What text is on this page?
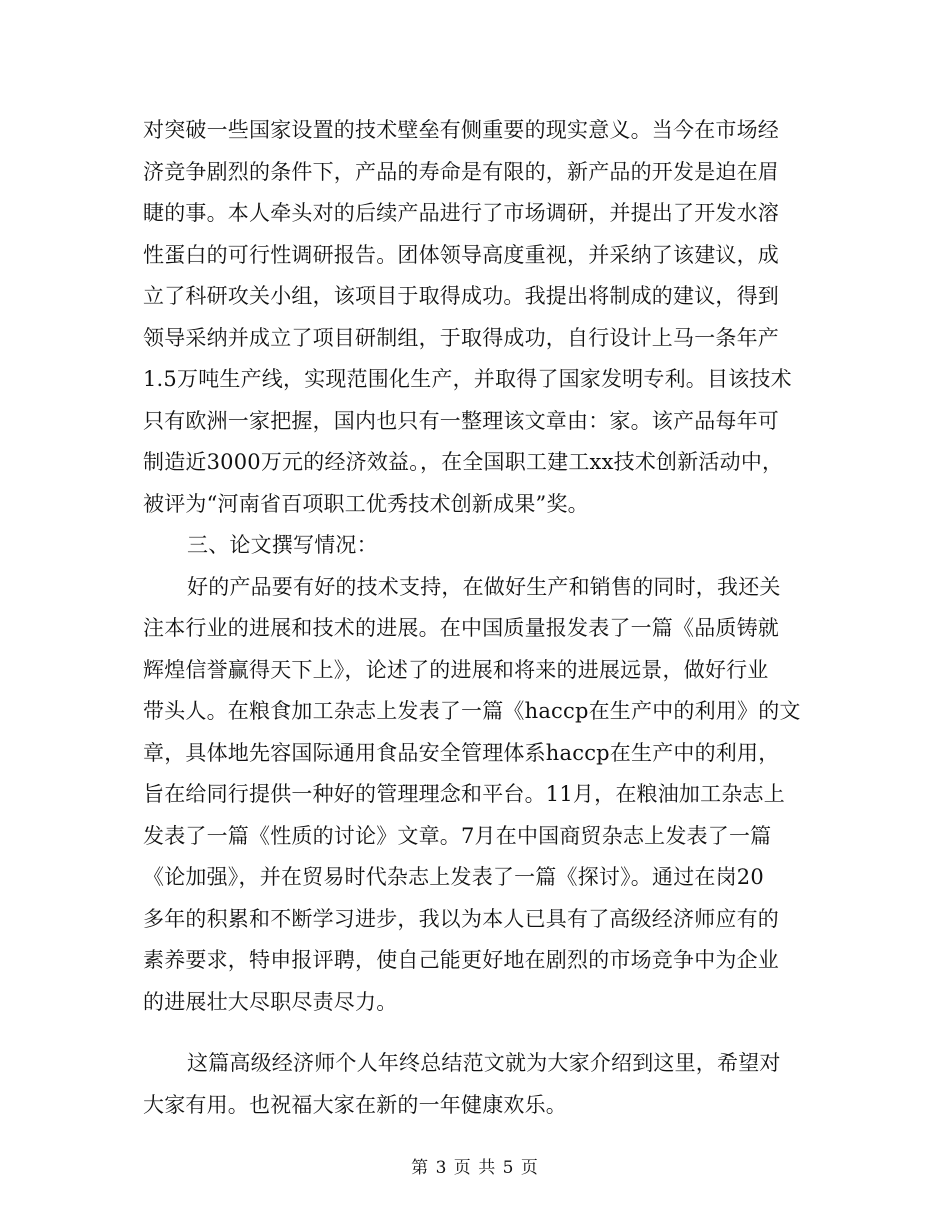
对突破一些国家设置的技术壁垒有侧重要的现实意义。当今在市场经
济竞争剧烈的条件下，产品的寿命是有限的，新产品的开发是迫在眉
睫的事。本人牵头对的后续产品进行了市场调研，并提出了开发水溶
性蛋白的可行性调研报告。团体领导高度重视，并采纳了该建议，成
立了科研攻关小组，该项目于取得成功。我提出将制成的建议，得到
领导采纳并成立了项目研制组，于取得成功，自行设计上马一条年产
1.5万吨生产线，实现范围化生产，并取得了国家发明专利。目该技术
只有欧洲一家把握，国内也只有一整理该文章由：家。该产品每年可
制造近3000万元的经济效益。，在全国职工建工xx技术创新活动中，
被评为“河南省百项职工优秀技术创新成果”奖。
三、论文撰写情况：
好的产品要有好的技术支持，在做好生产和销售的同时，我还关
注本行业的进展和技术的进展。在中国质量报发表了一篇《品质铸就
辉煌信誉赢得天下上》，论述了的进展和将来的进展远景，做好行业
带头人。在粮食加工杂志上发表了一篇《haccp在生产中的利用》的文
章，具体地先容国际通用食品安全管理体系haccp在生产中的利用，
旨在给同行提供一种好的管理理念和平台。11月，在粮油加工杂志上
发表了一篇《性质的讨论》文章。7月在中国商贸杂志上发表了一篇
《论加强》，并在贸易时代杂志上发表了一篇《探讨》。通过在岗20
多年的积累和不断学习进步，我以为本人已具有了高级经济师应有的
素养要求，特申报评聘，使自己能更好地在剧烈的市场竞争中为企业
的进展壮大尽职尽责尽力。
这篇高级经济师个人年终总结范文就为大家介绍到这里，希望对
大家有用。也祝福大家在新的一年健康欢乐。
第 3 页 共 5 页
